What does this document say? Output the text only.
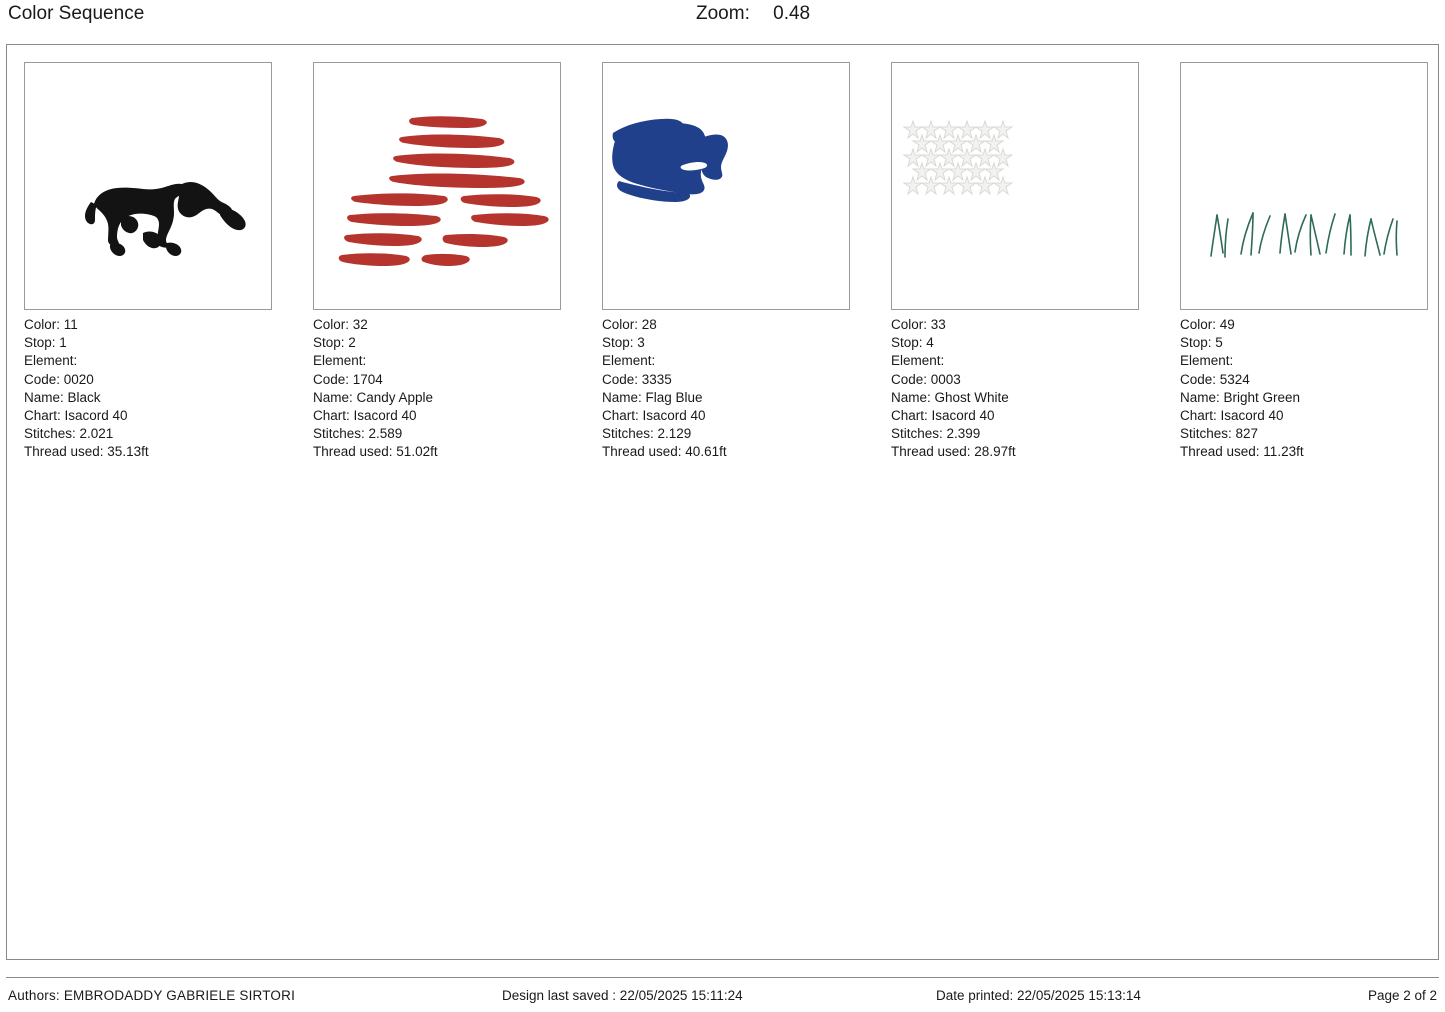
Color Sequence	Zoom: 0.48
Color: 11
Stop: 1
Element:
Code: 0020
Name: Black
Chart: Isacord 40
Stitches: 2.021
Thread used: 35.13ft
Color: 32
Stop: 2
Element:
Code: 1704
Name: Candy Apple
Chart: Isacord 40
Stitches: 2.589
Thread used: 51.02ft
Color: 28
Stop: 3
Element:
Code: 3335
Name: Flag Blue
Chart: Isacord 40
Stitches: 2.129
Thread used: 40.61ft
Color: 33
Stop: 4
Element:
Code: 0003
Name: Ghost White
Chart: Isacord 40
Stitches: 2.399
Thread used: 28.97ft
Color: 49
Stop: 5
Element:
Code: 5324
Name: Bright Green
Chart: Isacord 40
Stitches: 827
Thread used: 11.23ft
Authors: EMBRODADDY GABRIELE SIRTORI	Design last saved : 22/05/2025 15:11:24	Date printed: 22/05/2025 15:13:14	Page 2 of 2
